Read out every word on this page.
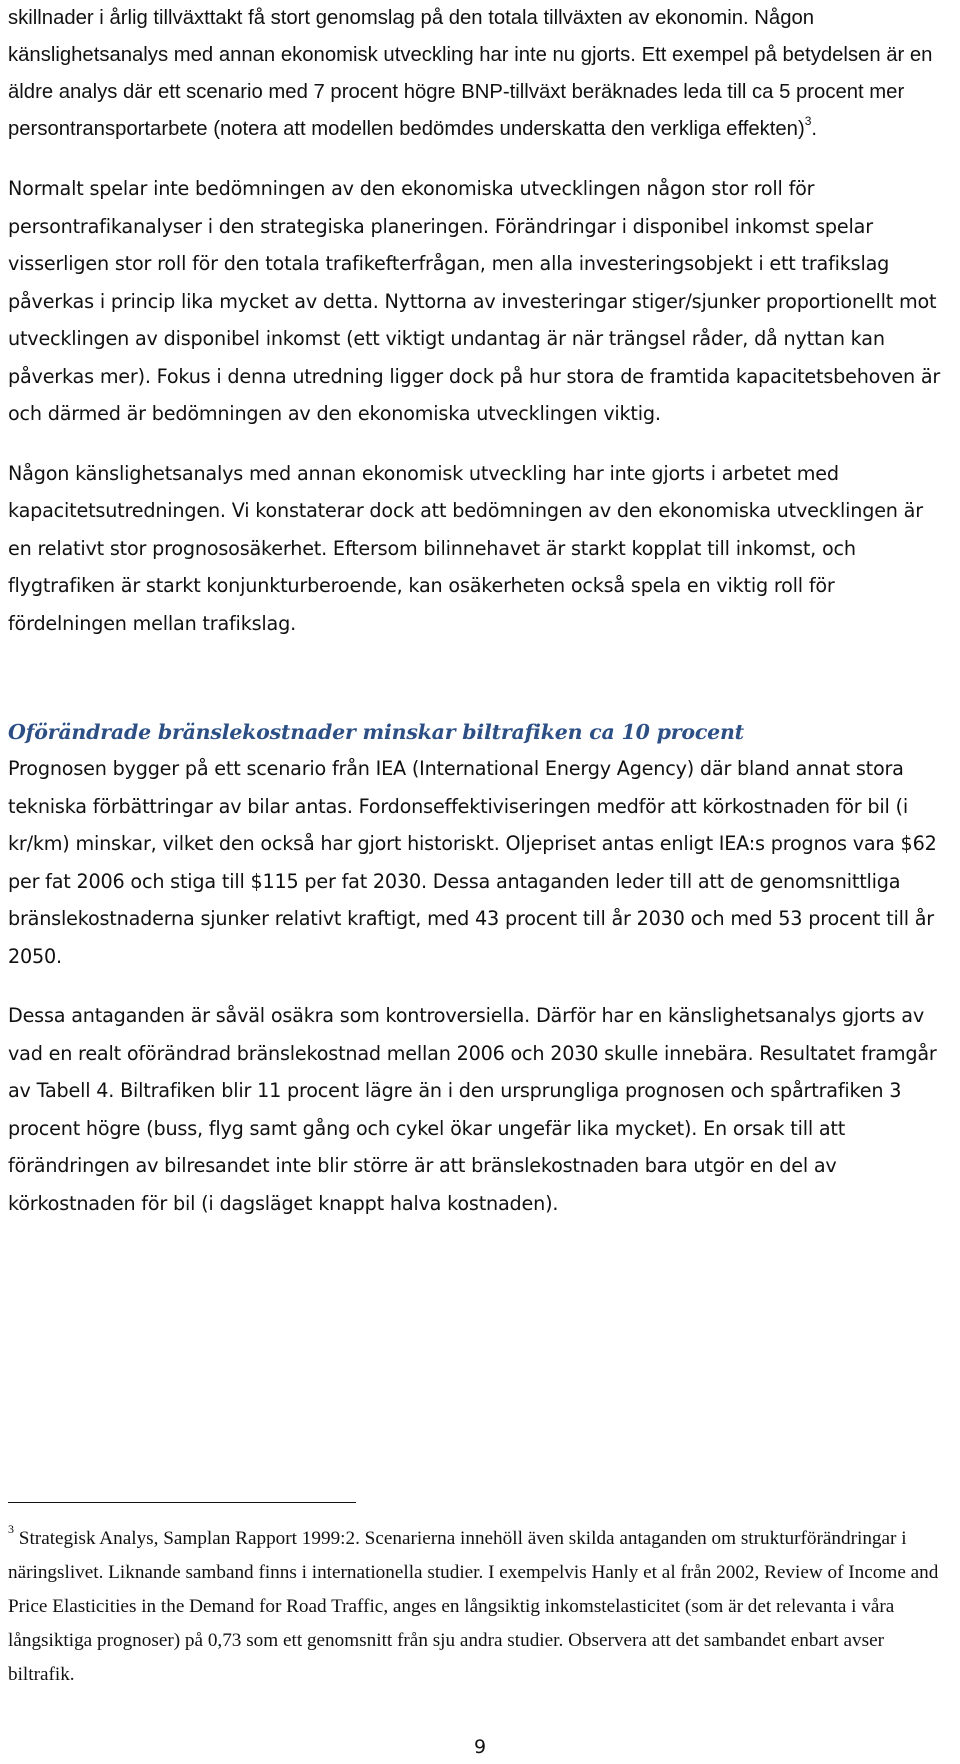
skillnader i årlig tillväxttakt få stort genomslag på den totala tillväxten av ekonomin. Någon känslighetsanalys med annan ekonomisk utveckling har inte nu gjorts. Ett exempel på betydelsen är en äldre analys där ett scenario med 7 procent högre BNP-tillväxt beräknades leda till ca 5 procent mer persontransportarbete (notera att modellen bedömdes underskatta den verkliga effekten)$^3$.

Normalt spelar inte bedömningen av den ekonomiska utvecklingen någon stor roll för persontrafikanalyser i den strategiska planeringen. Förändringar i disponibel inkomst spelar visserligen stor roll för den totala trafikefterfrågan, men alla investeringsobjekt i ett trafikslag påverkas i princip lika mycket av detta. Nyttorna av investeringar stiger/sjunker proportionellt mot utvecklingen av disponibel inkomst (ett viktigt undantag är när trängsel råder, då nyttan kan påverkas mer). Fokus i denna utredning ligger dock på hur stora de framtida kapacitetsbehoven är och därmed är bedömningen av den ekonomiska utvecklingen viktig.

Någon känslighetsanalys med annan ekonomisk utveckling har inte gjorts i arbetet med kapacitetsutredningen. Vi konstaterar dock att bedömningen av den ekonomiska utvecklingen är en relativt stor prognososäkerhet. Eftersom bilinnehavet är starkt kopplat till inkomst, och flygtrafiken är starkt konjunkturberoende, kan osäkerheten också spela en viktig roll för fördelningen mellan trafikslag.

Oförändrade bränslekostnader minskar biltrafiken ca 10 procent

Prognosen bygger på ett scenario från IEA (International Energy Agency) där bland annat stora tekniska förbättringar av bilar antas. Fordonseffektiviseringen medför att körkostnaden för bil (i kr/km) minskar, vilket den också har gjort historiskt. Oljepriset antas enligt IEA:s prognos vara $62 per fat 2006 och stiga till $115 per fat 2030. Dessa antaganden leder till att de genomsnittliga bränslekostnaderna sjunker relativt kraftigt, med 43 procent till år 2030 och med 53 procent till år 2050.

Dessa antaganden är såväl osäkra som kontroversiella. Därför har en känslighetsanalys gjorts av vad en realt oförändrad bränslekostnad mellan 2006 och 2030 skulle innebära. Resultatet framgår av Tabell 4. Biltrafiken blir 11 procent lägre än i den ursprungliga prognosen och spårtrafiken 3 procent högre (buss, flyg samt gång och cykel ökar ungefär lika mycket). En orsak till att förändringen av bilresandet inte blir större är att bränslekostnaden bara utgör en del av körkostnaden för bil (i dagsläget knappt halva kostnaden).

$^3$ Strategisk Analys, Samplan Rapport 1999:2. Scenarierna innehöll även skilda antaganden om strukturförändringar i näringslivet. Liknande samband finns i internationella studier. I exempelvis Hanly et al från 2002, Review of Income and Price Elasticities in the Demand for Road Traffic, anges en långsiktig inkomstelasticitet (som är det relevanta i våra långsiktiga prognoser) på 0,73 som ett genomsnitt från sju andra studier. Observera att det sambandet enbart avser biltrafik.

9
